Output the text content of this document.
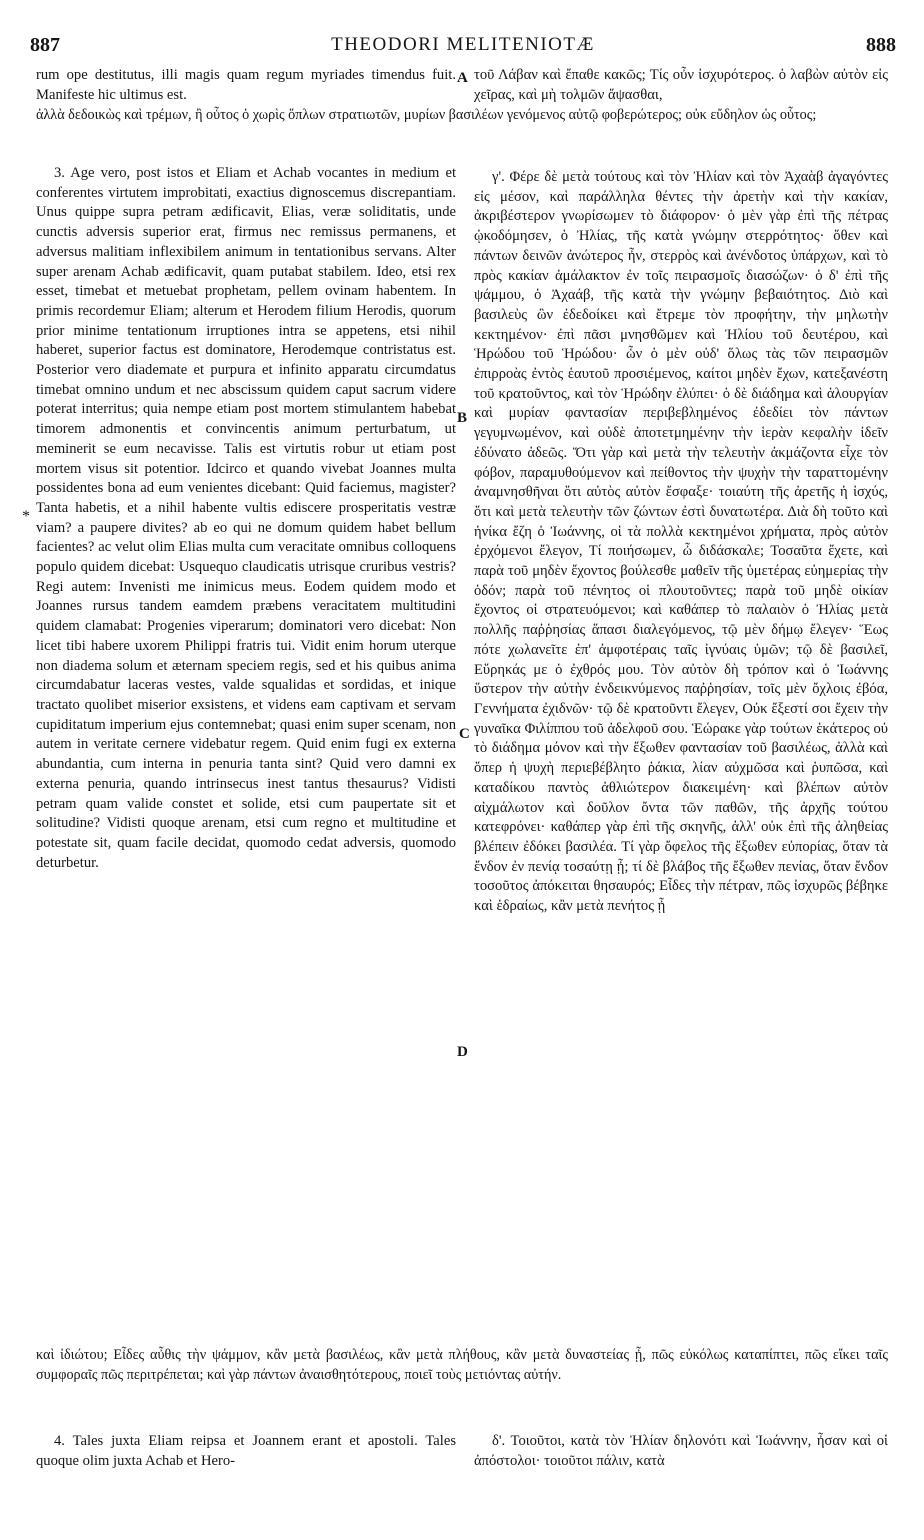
887	THEODORI MELITENIOTÆ	888

rum ope destitutus, illi magis quam regum myriades timendus fuit. Manifeste hic ultimus est.

τοῦ Λάβαν καὶ ἔπαθε κακῶς; Τίς οὖν ἰσχυρότερος. ὁ λαβὼν αὐτὸν εἰς χεῖρας, καὶ μὴ τολμῶν ἅψασθαι,

ἀλλὰ δεδοικὼς καὶ τρέμων, ἢ οὗτος ὁ χωρὶς ὅπλων στρατιωτῶν, μυρίων βασιλέων γενόμενος αὐτῷ φοβερώτερος; οὐκ εὔδηλον ὡς οὗτος;

3. Age vero, post istos et Eliam et Achab vocantes in medium et conferentes virtutem improbitati, exactius dignoscemus discrepantiam. Unus quippe supra petram ædificavit, Elias, veræ soliditatis, unde cunctis adversis superior erat, firmus nec remissus permanens, et adversus malitiam inflexibilem animum in tentationibus servans. Alter super arenam Achab ædificavit, quam putabat stabilem. Ideo, etsi rex esset, timebat et metuebat prophetam, pellem ovinam habentem. In primis recordemur Eliam; alterum et Herodem filium Herodis, quorum prior minime tentationum irruptiones intra se appetens, etsi nihil haberet, superior factus est dominatore, Herodemque contristatus est. Posterior vero diademate et purpura et infinito apparatu circumdatus timebat omnino undum et nec abscissum quidem caput sacrum videre poterat interritus; quia nempe etiam post mortem stimulantem habebat timorem admonentis et convincentis animum perturbatum, ut meminerit se eum necavisse. Talis est virtutis robur ut etiam post mortem visus sit potentior. Idcirco et quando vivebat Joannes multa possidentes bona ad eum venientes dicebant: Quid faciemus, magister? Tanta habetis, et a nihil habente vultis ediscere prosperitatis vestræ viam? a paupere divites? ab eo qui ne domum quidem habet bellum facientes? ac velut olim Elias multa cum veracitate omnibus colloquens populo quidem dicebat: Usquequo claudicatis utrisque cruribus vestris? Regi autem: Invenisti me inimicus meus. Eodem quidem modo et Joannes rursus tandem eamdem præbens veracitatem multitudini quidem clamabat: Progenies viperarum; dominatori vero dicebat: Non licet tibi habere uxorem Philippi fratris tui. Vidit enim horum uterque non diadema solum et æternam speciem regis, sed et his quibus anima circumdabatur laceras vestes, valde squalidas et sordidas, et inique tractato quolibet miserior exsistens, et videns eam captivam et servam cupiditatum imperium ejus contemnebat; quasi enim super scenam, non autem in veritate cernere videbatur regem. Quid enim fugi ex externa abundantia, cum interna in penuria tanta sint? Quid vero damni ex externa penuria, quando intrinsecus inest tantus thesaurus? Vidisti petram quam valide constet et solide, etsi cum paupertate sit et solitudine? Vidisti quoque arenam, etsi cum regno et multitudine et potestate sit, quam facile decidat, quomodo cedat adversis, quomodo deturbetur.

γ'. Φέρε δὲ μετὰ τούτους καὶ τὸν Ἠλίαν καὶ τὸν Ἀχαὰβ ἀγαγόντες εἰς μέσον, καὶ παράλληλα θέντες τὴν ἀρετὴν καὶ τὴν κακίαν, ἀκριβέστερον γνωρίσωμεν τὸ διάφορον· ὁ μὲν γὰρ ἐπὶ τῆς πέτρας ᾠκοδόμησεν, ὁ Ἠλίας, τῆς κατὰ γνώμην στερρότητος· ὅθεν καὶ πάντων δεινῶν ἀνώτερος ἦν, στερρὸς καὶ ἀνένδοτος ὑπάρχων, καὶ τὸ πρὸς κακίαν ἀμάλακτον ἐν τοῖς πειρασμοῖς διασώζων· ὁ δ' ἐπὶ τῆς ψάμμου, ὁ Ἀχαάβ, τῆς κατὰ τὴν γνώμην βεβαιότητος. Διὸ καὶ βασιλεὺς ὢν ἐδεδοίκει καὶ ἔτρεμε τὸν προφήτην, τὴν μηλωτὴν κεκτημένον· ἐπὶ πᾶσι μνησθῶμεν καὶ Ἠλίου τοῦ δευτέρου, καὶ Ἡρώδου τοῦ Ἡρώδου· ὧν ὁ μὲν οὐδ' ὅλως τὰς τῶν πειρασμῶν ἐπιρροὰς ἐντὸς ἑαυτοῦ προσιέμενος, καίτοι μηδὲν ἔχων, κατεξανέστη τοῦ κρατοῦντος, καὶ τὸν Ἡρώδην ἐλύπει· ὁ δὲ διάδημα καὶ ἁλουργίαν καὶ μυρίαν φαντασίαν περιβεβλημένος ἐδεδίει τὸν πάντων γεγυμνωμένον, καὶ οὐδὲ ἀποτετμημένην τὴν ἱερὰν κεφαλὴν ἰδεῖν ἐδύνατο ἀδεῶς. Ὅτι γὰρ καὶ μετὰ τὴν τελευτὴν ἀκμάζοντα εἶχε τὸν φόβον, παραμυθούμενον καὶ πείθοντος τὴν ψυχὴν τὴν ταραττομένην ἀναμνησθῆναι ὅτι αὐτὸς αὐτὸν ἔσφαξε· τοιαύτη τῆς ἀρετῆς ἡ ἰσχύς, ὅτι καὶ μετὰ τελευτὴν τῶν ζώντων ἐστὶ δυνατωτέρα. Διὰ δὴ τοῦτο καὶ ἡνίκα ἔζη ὁ Ἰωάννης, οἱ τὰ πολλὰ κεκτημένοι χρήματα, πρὸς αὐτὸν ἐρχόμενοι ἔλεγον, Τί ποιήσωμεν, ὦ διδάσκαλε; Τοσαῦτα ἔχετε, καὶ παρὰ τοῦ μηδὲν ἔχοντος βούλεσθε μαθεῖν τῆς ὑμετέρας εὐημερίας τὴν ὁδόν; παρὰ τοῦ πένητος οἱ πλουτοῦντες; παρὰ τοῦ μηδὲ οἰκίαν ἔχοντος οἱ στρατευόμενοι; καὶ καθάπερ τὸ παλαιὸν ὁ Ἠλίας μετὰ πολλῆς παῤῥησίας ἅπασι διαλεγόμενος, τῷ μὲν δήμῳ ἔλεγεν· Ἕως πότε χωλανεῖτε ἐπ' ἀμφοτέραις ταῖς ἰγνύαις ὑμῶν; τῷ δὲ βασιλεῖ, Εὕρηκάς με ὁ ἐχθρός μου. Τὸν αὐτὸν δὴ τρόπον καὶ ὁ Ἰωάννης ὕστερον τὴν αὐτὴν ἐνδεικνύμενος παῤῥησίαν, τοῖς μὲν ὄχλοις ἐβόα, Γεννήματα ἐχιδνῶν· τῷ δὲ κρατοῦντι ἔλεγεν, Οὐκ ἔξεστί σοι ἔχειν τὴν γυναῖκα Φιλίππου τοῦ ἀδελφοῦ σου. Ἑώρακε γὰρ τούτων ἑκάτερος οὐ τὸ διάδημα μόνον καὶ τὴν ἔξωθεν φαντασίαν τοῦ βασιλέως, ἀλλὰ καὶ ὅπερ ἡ ψυχὴ περιεβέβλητο ῥάκια, λίαν αὐχμῶσα καὶ ῥυπῶσα, καὶ καταδίκου παντὸς ἀθλιώτερον διακειμένη· καὶ βλέπων αὐτὸν αἰχμάλωτον καὶ δοῦλον ὄντα τῶν παθῶν, τῆς ἀρχῆς τούτου κατεφρόνει· καθάπερ γὰρ ἐπὶ τῆς σκηνῆς, ἀλλ' οὐκ ἐπὶ τῆς ἀληθείας βλέπειν ἐδόκει βασιλέα. Τί γὰρ ὄφελος τῆς ἔξωθεν εὐπορίας, ὅταν τὰ ἔνδον ἐν πενίᾳ τοσαύτῃ ᾖ; τί δὲ βλάβος τῆς ἔξωθεν πενίας, ὅταν ἔνδον τοσοῦτος ἀπόκειται θησαυρός; Εἶδες τὴν πέτραν, πῶς ἰσχυρῶς βέβηκε καὶ ἑδραίως, κἂν μετὰ πενήτος ᾖ

καὶ ἰδιώτου; Εἶδες αὖθις τὴν ψάμμον, κἂν μετὰ βασιλέως, κἂν μετὰ πλήθους, κἂν μετὰ δυναστείας ᾖ, πῶς εὐκόλως καταπίπτει, πῶς εἴκει ταῖς συμφοραῖς πῶς περιτρέπεται; καὶ γὰρ πάντων ἀναισθητότερους, ποιεῖ τοὺς μετιόντας αὐτήν.

4. Tales juxta Eliam reipsa et Joannem erant et apostoli. Tales quoque olim juxta Achab et Hero-

δ'. Τοιοῦτοι, κατὰ τὸν Ἠλίαν δηλονότι καὶ Ἰωάννην, ἦσαν καὶ οἱ ἀπόστολοι· τοιοῦτοι πάλιν, κατὰ

A
B
C
D
*
